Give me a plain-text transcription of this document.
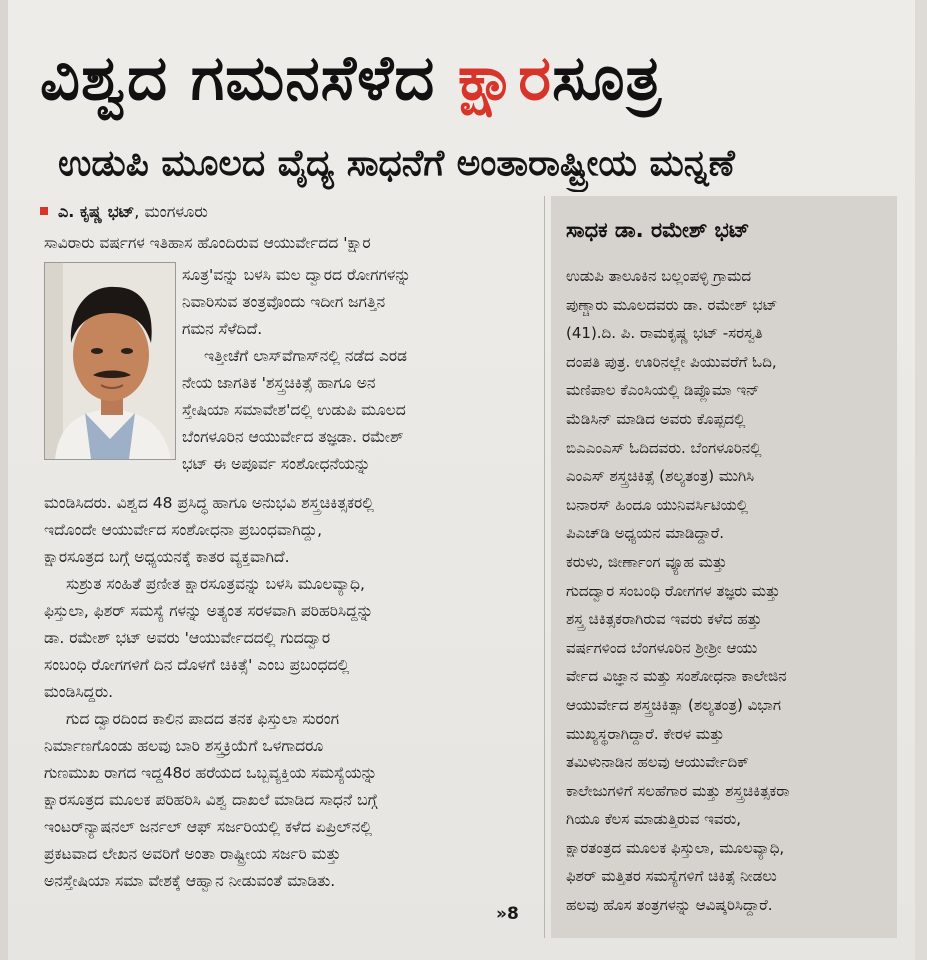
ವಿಶ್ವದ ಗಮನಸೆಳೆದ ಕ್ಷಾರಸೂತ್ರ
ಉಡುಪಿ ಮೂಲದ ವೈದ್ಯ ಸಾಧನೆಗೆ ಅಂತಾರಾಷ್ಟ್ರೀಯ ಮನ್ನಣೆ
ಎ. ಕೃಷ್ಣ ಭಟ್, ಮಂಗಳೂರು

ಸಾವಿರಾರು ವರ್ಷಗಳ ಇತಿಹಾಸ ಹೊಂದಿರುವ ಆಯುರ್ವೇದದ 'ಕ್ಷಾರ

ಸೂತ್ರ'ವನ್ನು ಬಳಸಿ ಮಲ ದ್ವಾರದ ರೋಗಗಳನ್ನು

ನಿವಾರಿಸುವ ತಂತ್ರವೊಂದು ಇದೀಗ ಜಗತ್ತಿನ

ಗಮನ ಸೆಳೆದಿದೆ.

ಇತ್ತೀಚೆಗೆ ಲಾಸ್‌ವೆಗಾಸ್‌ನಲ್ಲಿ ನಡೆದ ಎರಡ

ನೇಯ ಜಾಗತಿಕ 'ಶಸ್ತ್ರಚಿಕಿತ್ಸೆ ಹಾಗೂ ಅನ

ಸ್ತೇಷಿಯಾ ಸಮಾವೇಶ'ದಲ್ಲಿ ಉಡುಪಿ ಮೂಲದ

ಬೆಂಗಳೂರಿನ ಆಯುರ್ವೇದ ತಜ್ಞಡಾ. ರಮೇಶ್

ಭಟ್ ಈ ಅಪೂರ್ವ ಸಂಶೋಧನೆಯನ್ನು

ಮಂಡಿಸಿದರು. ವಿಶ್ವದ 48 ಪ್ರಸಿದ್ಧ ಹಾಗೂ ಅನುಭವಿ ಶಸ್ತ್ರಚಿಕಿತ್ಸಕರಲ್ಲಿ

ಇದೊಂದೇ ಆಯುರ್ವೇದ ಸಂಶೋಧನಾ ಪ್ರಬಂಧವಾಗಿದ್ದು,

ಕ್ಷಾರಸೂತ್ರದ ಬಗ್ಗೆ ಅಧ್ಯಯನಕ್ಕೆ ಕಾತರ ವ್ಯಕ್ತವಾಗಿದೆ.

ಸುಶ್ರುತ ಸಂಹಿತೆ ಪ್ರಣೀತ ಕ್ಷಾರಸೂತ್ರವನ್ನು ಬಳಸಿ ಮೂಲವ್ಯಾಧಿ,

ಫಿಸ್ತುಲಾ, ಫಿಶರ್ ಸಮಸ್ಯೆ ಗಳನ್ನು ಅತ್ಯಂತ ಸರಳವಾಗಿ ಪರಿಹರಿಸಿದ್ದನ್ನು

ಡಾ. ರಮೇಶ್ ಭಟ್ ಅವರು 'ಆಯುರ್ವೇದದಲ್ಲಿ ಗುದದ್ವಾರ

ಸಂಬಂಧಿ ರೋಗಗಳಿಗೆ ದಿನ ದೊಳಗೆ ಚಿಕಿತ್ಸೆ' ಎಂಬ ಪ್ರಬಂಧದಲ್ಲಿ

ಮಂಡಿಸಿದ್ದರು.

ಗುದ ದ್ವಾರದಿಂದ ಕಾಲಿನ ಪಾದದ ತನಕ ಫಿಸ್ತುಲಾ ಸುರಂಗ

ನಿರ್ಮಾಣಗೊಂಡು ಹಲವು ಬಾರಿ ಶಸ್ತ್ರಕ್ರಿಯೆಗೆ ಒಳಗಾದರೂ

ಗುಣಮುಖ ರಾಗದ ಇದ್ದ48ರ ಹರೆಯದ ಒಬ್ಬವ್ಯಕ್ತಿಯ ಸಮಸ್ಯೆಯನ್ನು

ಕ್ಷಾರಸೂತ್ರದ ಮೂಲಕ ಪರಿಹರಿಸಿ ವಿಶ್ವ ದಾಖಲೆ ಮಾಡಿದ ಸಾಧನೆ ಬಗ್ಗೆ

ಇಂಟರ್‌ನ್ಯಾಷನಲ್ ಜರ್ನಲ್ ಆಫ್ ಸರ್ಜರಿಯಲ್ಲಿ ಕಳೆದ ಏಪ್ರಿಲ್‌ನಲ್ಲಿ

ಪ್ರಕಟವಾದ ಲೇಖನ ಅವರಿಗೆ ಅಂತಾ ರಾಷ್ಟ್ರೀಯ ಸರ್ಜರಿ ಮತ್ತು

ಅನಸ್ತೇಷಿಯಾ ಸಮಾ ವೇಶಕ್ಕೆ ಆಹ್ವಾನ ನೀಡುವಂತೆ ಮಾಡಿತು.

»8
ಸಾಧಕ ಡಾ. ರಮೇಶ್ ಭಟ್

ಉಡುಪಿ ತಾಲೂಕಿನ ಬಲ್ಲಂಪಳ್ಳಿ ಗ್ರಾಮದ

ಪುಣ್ಚಾರು ಮೂಲದವರು ಡಾ. ರಮೇಶ್ ಭಟ್

(41).ದಿ. ಪಿ. ರಾಮಕೃಷ್ಣ ಭಟ್ -ಸರಸ್ವತಿ

ದಂಪತಿ ಪುತ್ರ. ಊರಿನಲ್ಲೇ ಪಿಯುವರೆಗೆ ಓದಿ,

ಮಣಿಪಾಲ ಕೆಎಂಸಿಯಲ್ಲಿ ಡಿಪ್ಲೊಮಾ ಇನ್

ಮೆಡಿಸಿನ್ ಮಾಡಿದ ಅವರು ಕೊಪ್ಪದಲ್ಲಿ

ಬಿಎಎಂಎಸ್ ಓದಿದವರು. ಬೆಂಗಳೂರಿನಲ್ಲಿ

ಎಂಎಸ್ ಶಸ್ತ್ರಚಿಕಿತ್ಸೆ (ಶಲ್ಯತಂತ್ರ) ಮುಗಿಸಿ

ಬನಾರಸ್ ಹಿಂದೂ ಯುನಿವರ್ಸಿಟಿಯಲ್ಲಿ

ಪಿಎಚ್‌ಡಿ ಅಧ್ಯಯನ ಮಾಡಿದ್ದಾರೆ.

ಕರುಳು, ಜೀರ್ಣಾಂಗ ವ್ಯೂಹ ಮತ್ತು

ಗುದದ್ವಾರ ಸಂಬಂಧಿ ರೋಗಗಳ ತಜ್ಞರು ಮತ್ತು

ಶಸ್ತ್ರ ಚಿಕಿತ್ಸಕರಾಗಿರುವ ಇವರು ಕಳೆದ ಹತ್ತು

ವರ್ಷಗಳಿಂದ ಬೆಂಗಳೂರಿನ ಶ್ರೀಶ್ರೀ ಆಯು

ರ್ವೇದ ವಿಜ್ಞಾನ ಮತ್ತು ಸಂಶೋಧನಾ ಕಾಲೇಜಿನ

ಆಯುರ್ವೇದ ಶಸ್ತ್ರಚಿಕಿತ್ಸಾ (ಶಲ್ಯತಂತ್ರ) ವಿಭಾಗ

ಮುಖ್ಯಸ್ಥರಾಗಿದ್ದಾರೆ. ಕೇರಳ ಮತ್ತು

ತಮಿಳುನಾಡಿನ ಹಲವು ಆಯುರ್ವೇದಿಕ್

ಕಾಲೇಜುಗಳಿಗೆ ಸಲಹೆಗಾರ ಮತ್ತು ಶಸ್ತ್ರಚಿಕಿತ್ಸಕರಾ

ಗಿಯೂ ಕೆಲಸ ಮಾಡುತ್ತಿರುವ ಇವರು,

ಕ್ಷಾರತಂತ್ರದ ಮೂಲಕ ಫಿಸ್ತುಲಾ, ಮೂಲವ್ಯಾಧಿ,

ಫಿಶರ್ ಮತ್ತಿತರ ಸಮಸ್ಯೆಗಳಿಗೆ ಚಿಕಿತ್ಸೆ ನೀಡಲು

ಹಲವು ಹೊಸ ತಂತ್ರಗಳನ್ನು ಆವಿಷ್ಕರಿಸಿದ್ದಾರೆ.
